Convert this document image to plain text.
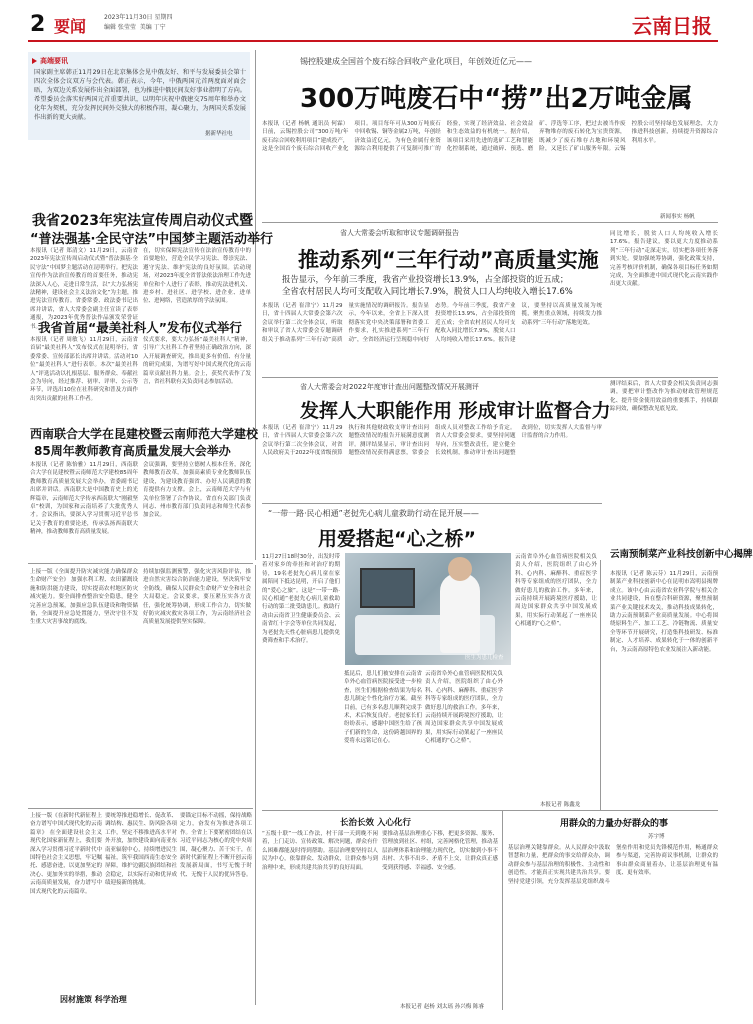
2 要闻	2023年11月30日 星期四
编辑 张莹莹 美编 丁宁	云南日报
高端要讯
国家副主席韩正11月29日在北京集体会见中俄友好、和平与发展委员会第十四次全体会议双方与会代表。韩正表示，今年，中俄两国元首两度面对面会晤，为双边关系发展作出全面部署，也为推进中俄民间友好事业指明了方向。希望委员会落实好两国元首重要共识，以明年庆祝中俄建交75周年和举办文化年为契机，充分发挥民间外交独大的积极作用，凝心聚力，为两国关系发展作出新的更大贡献。
据新华社电
我省2023年宪法宣传周启动仪式暨
“普法强基·全民守法”中国梦主题活动举行
本报讯（记者 郑清文）11月29日，云南省2023年宪法宣传周启动仪式暨“普法强基·全民守法”中国梦主题活动在昆明举行。把宪法宣传作为法治宣传教育的首要任务，推动宪法深入人心，走进日常生活，以“大力弘扬宪法精神，建设社会主义法治文化”为主题，推进宪法宣传教育。省委常委、政法委书记出席并讲话，省人大常委会副主任宣读了表彰通报，为2023年优秀普法作品颁发荣誉证书。
在，切实保障宪法宣传在法治宣传教育中的首要地位，营造全民学习宪法、尊崇宪法、遵守宪法、维护宪法的良好氛围。活动现场，对2023年度全省普法依法治理工作先进单位和个人进行了表彰，推动宪法进机关、进乡村、进社区、进学校、进企业、进单位、进网络，营造浓厚的学法氛围。
我省首届“最美社科人”发布仪式举行
本报讯（记者 周敏飞）11月29日，云南省首届“最美社科人”发布仪式在昆明举行，省委常委、宣传部部长出席并讲话。活动对10位“最美社科人”进行表彰。本次“最美社科人”评选活动以扎根基层、服务群众、奉献社会为导向，经过推荐、初审、评审、公示等环节，评选出10位在社科研究和普及方面作出突出贡献的社科工作者。
仪式要求，要大力弘扬“最美社科人”精神，引导广大社科工作者坚持正确政治方向，深入开展调查研究，推出更多有价值、有分量的研究成果，为谱写好中国式现代化的云南篇章贡献社科力量。会上，获奖代表作了发言，省社科联有关负责同志参加活动。
西南联合大学在昆建校暨云南师范大学建校
85周年教师教育高质量发展大会举办
本报讯（记者 陈怡雅）11月29日，西南联合大学在昆建校暨云南师范大学建校85周年教师教育高质量发展大会举办，省委副书记出席并讲话。西南联大是中国教育史上的光辉篇章，云南师范大学传承西南联大“刚毅坚卓”校训，为国家和云南培养了大批优秀人才。会议指出，要深入学习贯彻习近平总书记关于教育的重要论述，传承弘扬西南联大精神，推动教师教育高质量发展。
会议强调，要坚持立德树人根本任务，深化教师教育改革，加强高素质专业化教师队伍建设，为建设教育强省、办好人民满意的教育提供有力支撑。会上，云南师范大学与有关单位签署了合作协议。省直有关部门负责同志、州市教育部门负责同志和师生代表参加会议。
上接一版《全面提升防灾减灾能力确保群众生命财产安全》 加强水利工程、农田灌溉设施和防洪能力建设，切实提高农村地区防灾减灾能力。要全面排查整治安全隐患，健全完善应急预案，加强应急队伍建设和物资储备，全面提升应急处置能力，坚决守住不发生重大灾害事故的底线。
持续加强监测预警，强化灾害风险评估，推进自然灾害综合防治能力建设，坚决筑牢安全防线，确保人民群众生命财产安全和社会大局稳定。会议要求，要压紧压实各方责任，强化统筹协调，形成工作合力，切实做好防灾减灾救灾各项工作，为云南经济社会高质量发展提供坚实保障。
上接一版《在新时代新征程上奋力谱写中国式现代化的云南篇章》 在全面建设社会主义现代化国家新征程上，我们要深入学习贯彻习近平新时代中国特色社会主义思想，牢记嘱托、感恩奋进，以更加坚定的决心、更加务实的举措，推动云南高质量发展，奋力谱写中国式现代化的云南篇章。
要统筹推进稳增长、促改革、调结构、惠民生、防风险各项工作，坚定不移推进高水平对外开放，加快建设面向南亚东南亚辐射中心，持续增进民生福祉，筑牢我国西南生态安全屏障，维护边疆民族团结和社会稳定，以实际行动和优异成绩迎接新的挑战。
要锚定目标不动摇，保持战略定力，奋发有为推进各项工作。全省上下要紧密团结在以习近平同志为核心的党中央周围，凝心聚力、苦干实干，在新时代新征程上不断开创云南发展新局面，书写无愧于时代、无愧于人民的优异答卷。
因材施策 科学治理
锡控股建成全国首个废石综合回收产业化项目，年创效近亿元——
300万吨废石中“捞”出2万吨金属
本报讯（记者 杨帆 通讯员 何霖）日前，云锡控股公司“300万吨/年废石综合回收利用项目”建成投产，这是全国首个废石综合回收产业化项目。项目每年可从300万吨废石中回收锡、铜等金属2万吨，年创经济效益近亿元，为有色金属行业资源综合利用提供了可复制可推广的经验，实现了经济效益、社会效益和生态效益的有机统一。据介绍，该项目采用先进的选矿工艺和智能化控制系统，通过破碎、预选、磨矿、浮选等工序，把过去被当作废弃物堆存的废石转化为宝贵资源，既减少了废石堆存占地和环境风险，又延长了矿山服务年限。云锡控股公司坚持绿色发展理念，大力推进科技创新，持续提升资源综合利用水平。
新闻事实 杨帆
省人大常委会听取和审议专题调研报告
推动系列“三年行动”高质量实施
报告显示，今年前三季度，我省产业投资增长13.9%，占全部投资的近五成；
全省农村居民人均可支配收入同比增长7.9%，脱贫人口人均纯收入增长17.6%
本报讯（记者 崔津宁）11月29日，省十四届人大常委会第六次会议举行第二次全体会议，听取和审议了省人大常委会专题调研组关于推动系列“三年行动”高质量实施情况的调研报告。报告显示，今年以来，全省上下深入贯彻落实党中央决策部署和省委工作要求，扎实推进系列“三年行动”，全省经济运行呈现稳中向好态势。今年前三季度，我省产业投资增长13.9%，占全部投资的近五成；全省农村居民人均可支配收入同比增长7.9%，脱贫人口人均纯收入增长17.6%。报告建议，要坚持以高质量发展为统揽，聚焦重点领域，持续发力推动系列“三年行动”落地见效。
同比增长，脱贫人口人均纯收入增长17.6%。报告建议，要以更大力度推动系列“三年行动”走深走实，切实把各项任务落到实处。要加强统筹协调，强化政策支持，完善考核评价机制，确保各项目标任务如期完成，为全面推进中国式现代化云南实践作出更大贡献。
省人大常委会对2022年度审计查出问题整改情况开展测评
发挥人大职能作用 形成审计监督合力
本报讯（记者 崔津宁）11月29日，省十四届人大常委会第六次会议举行第二次全体会议，对省人民政府关于2022年度省级预算执行和其他财政收支审计查出问题整改情况的报告开展满意度测评。测评结果显示，审计查出问题整改情况获得满意票，常委会组成人员对整改工作给予肯定。省人大常委会要求，要坚持问题导向，压实整改责任，建立健全长效机制，推动审计查出问题整改到位，切实发挥人大监督与审计监督的合力作用。
测评结束后，省人大常委会相关负责同志强调，要把审计整改作为推动财政管理规范化、提升资金使用效益的重要抓手，持续跟踪问效，确保整改见底见效。
“一带一路·民心相通”老挝先心病儿童救助行动在昆开展——
用爱搭起“心之桥”
11月27日18时30分，出发时带着对家乡的牵挂和对治疗的期待，19名老挝先心病儿童在家属陪同下抵达昆明，开启了他们的“爱心之旅”。这是“一带一路·民心相通”老挝先心病儿童救助行动的第二批受助患儿。救助行动由云南省卫生健康委员会、云南省红十字会等单位共同发起，为老挝先天性心脏病患儿提供免费筛查和手术治疗。
抵昆后，患儿们被安排在云南省阜外心血管病医院接受进一步检查，医生们根据检查结果为每名患儿制定个性化治疗方案。截至目前，已有多名患儿顺利完成手术，术后恢复良好。老挝家长们纷纷表示，感谢中国医生给了孩子们新的生命，这份跨越国界的爱将永远铭记在心。
医生为患儿检查
云南省阜外心血管病医院相关负责人介绍，医院组织了由心外科、心内科、麻醉科、重症医学科等专家组成的医疗团队，全力做好患儿的救治工作。多年来，云南持续开展跨境医疗援助，让周边国家群众共享中国发展成果，用实际行动架起了一座座民心相通的“心之桥”。
云南省阜外心血管病医院相关负责人介绍，医院组织了由心外科、心内科、麻醉科、重症医学科等专家组成的医疗团队，全力做好患儿的救治工作。多年来，云南持续开展跨境医疗援助，让周边国家群众共享中国发展成果，用实际行动架起了一座座民心相通的“心之桥”。
本报记者 陈鑫龙
云南预制菜产业科技创新中心揭牌
本报讯（记者 陈云芬）11月29日，云南预制菜产业科技创新中心在昆明市嵩明县揭牌成立。该中心由云南省农业科学院与相关企业共同建设，旨在整合科研资源，聚焦预制菜产业关键技术攻关，推动科技成果转化，助力云南预制菜产业高质量发展。中心将围绕原料生产、加工工艺、冷链物流、质量安全等环节开展研究，打造集科技研发、标准制定、人才培养、成果转化于一体的创新平台，为云南高原特色农业发展注入新动能。
长治长效 入心化行
“五级十联”一线工作法，村干部一天到晚不闲着，上门走访、宣传政策、解决问题，群众有什么困难都能及时得到帮助。基层治理要坚持以人民为中心，依靠群众、发动群众，让群众参与到治理中来，形成共建共治共享的良好局面。
要推动基层治理重心下移，把更多资源、服务、管理放到社区、村组，完善网格化管理，推动基层治理体系和治理能力现代化，切实做到小事不出村、大事不出乡、矛盾不上交，让群众真正感受到获得感、幸福感、安全感。
本报记者 赵杨 刘太瑶 孙兴梅 陈睿
用群众的力量办好群众的事
苏宇博
基层治理关键靠群众。从人民群众中汲取智慧和力量，把群众的事交给群众办，调动群众参与基层治理的积极性、主动性和创造性，才能真正实现共建共治共享。要坚持党建引领，充分发挥基层党组织战斗堡垒作用和党员先锋模范作用，畅通群众参与渠道，完善协商议事机制，让群众的事由群众商量着办，让基层治理更有温度、更有效率。
